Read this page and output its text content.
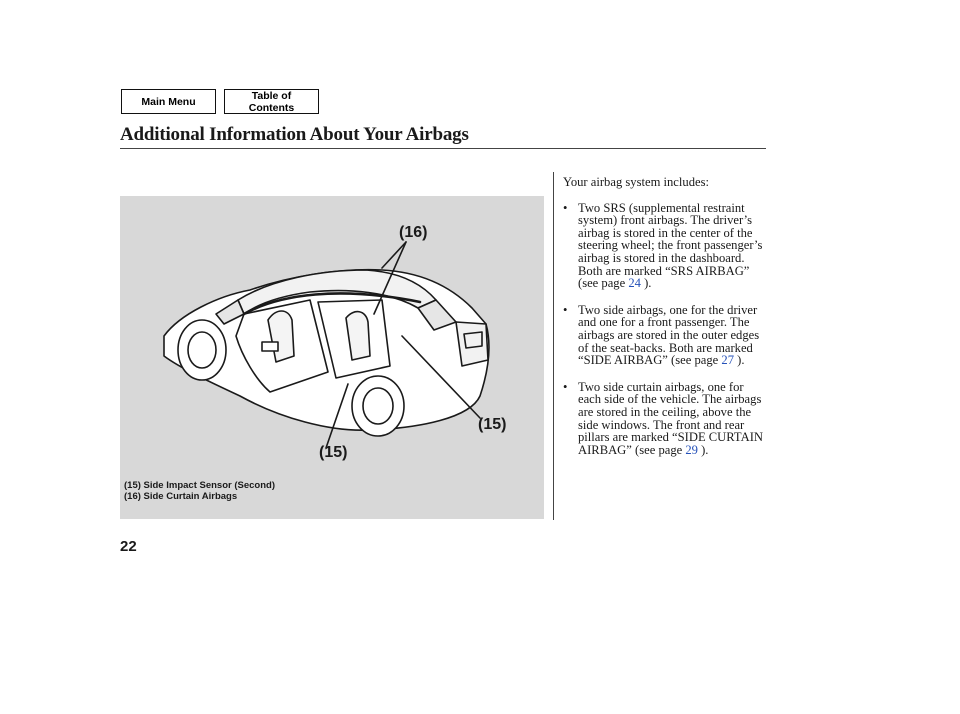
Main Menu	Table of Contents
Additional Information About Your Airbags
(16)
(15)
(15)
(15) Side Impact Sensor (Second)
(16) Side Curtain Airbags

Your airbag system includes:

• Two SRS (supplemental restraint system) front airbags. The driver’s airbag is stored in the center of the steering wheel; the front passenger’s airbag is stored in the dashboard. Both are marked “SRS AIRBAG” (see page 24 ).

• Two side airbags, one for the driver and one for a front passenger. The airbags are stored in the outer edges of the seat-backs. Both are marked “SIDE AIRBAG” (see page 27 ).

• Two side curtain airbags, one for each side of the vehicle. The airbags are stored in the ceiling, above the side windows. The front and rear pillars are marked “SIDE CURTAIN AIRBAG” (see page 29 ).

22
